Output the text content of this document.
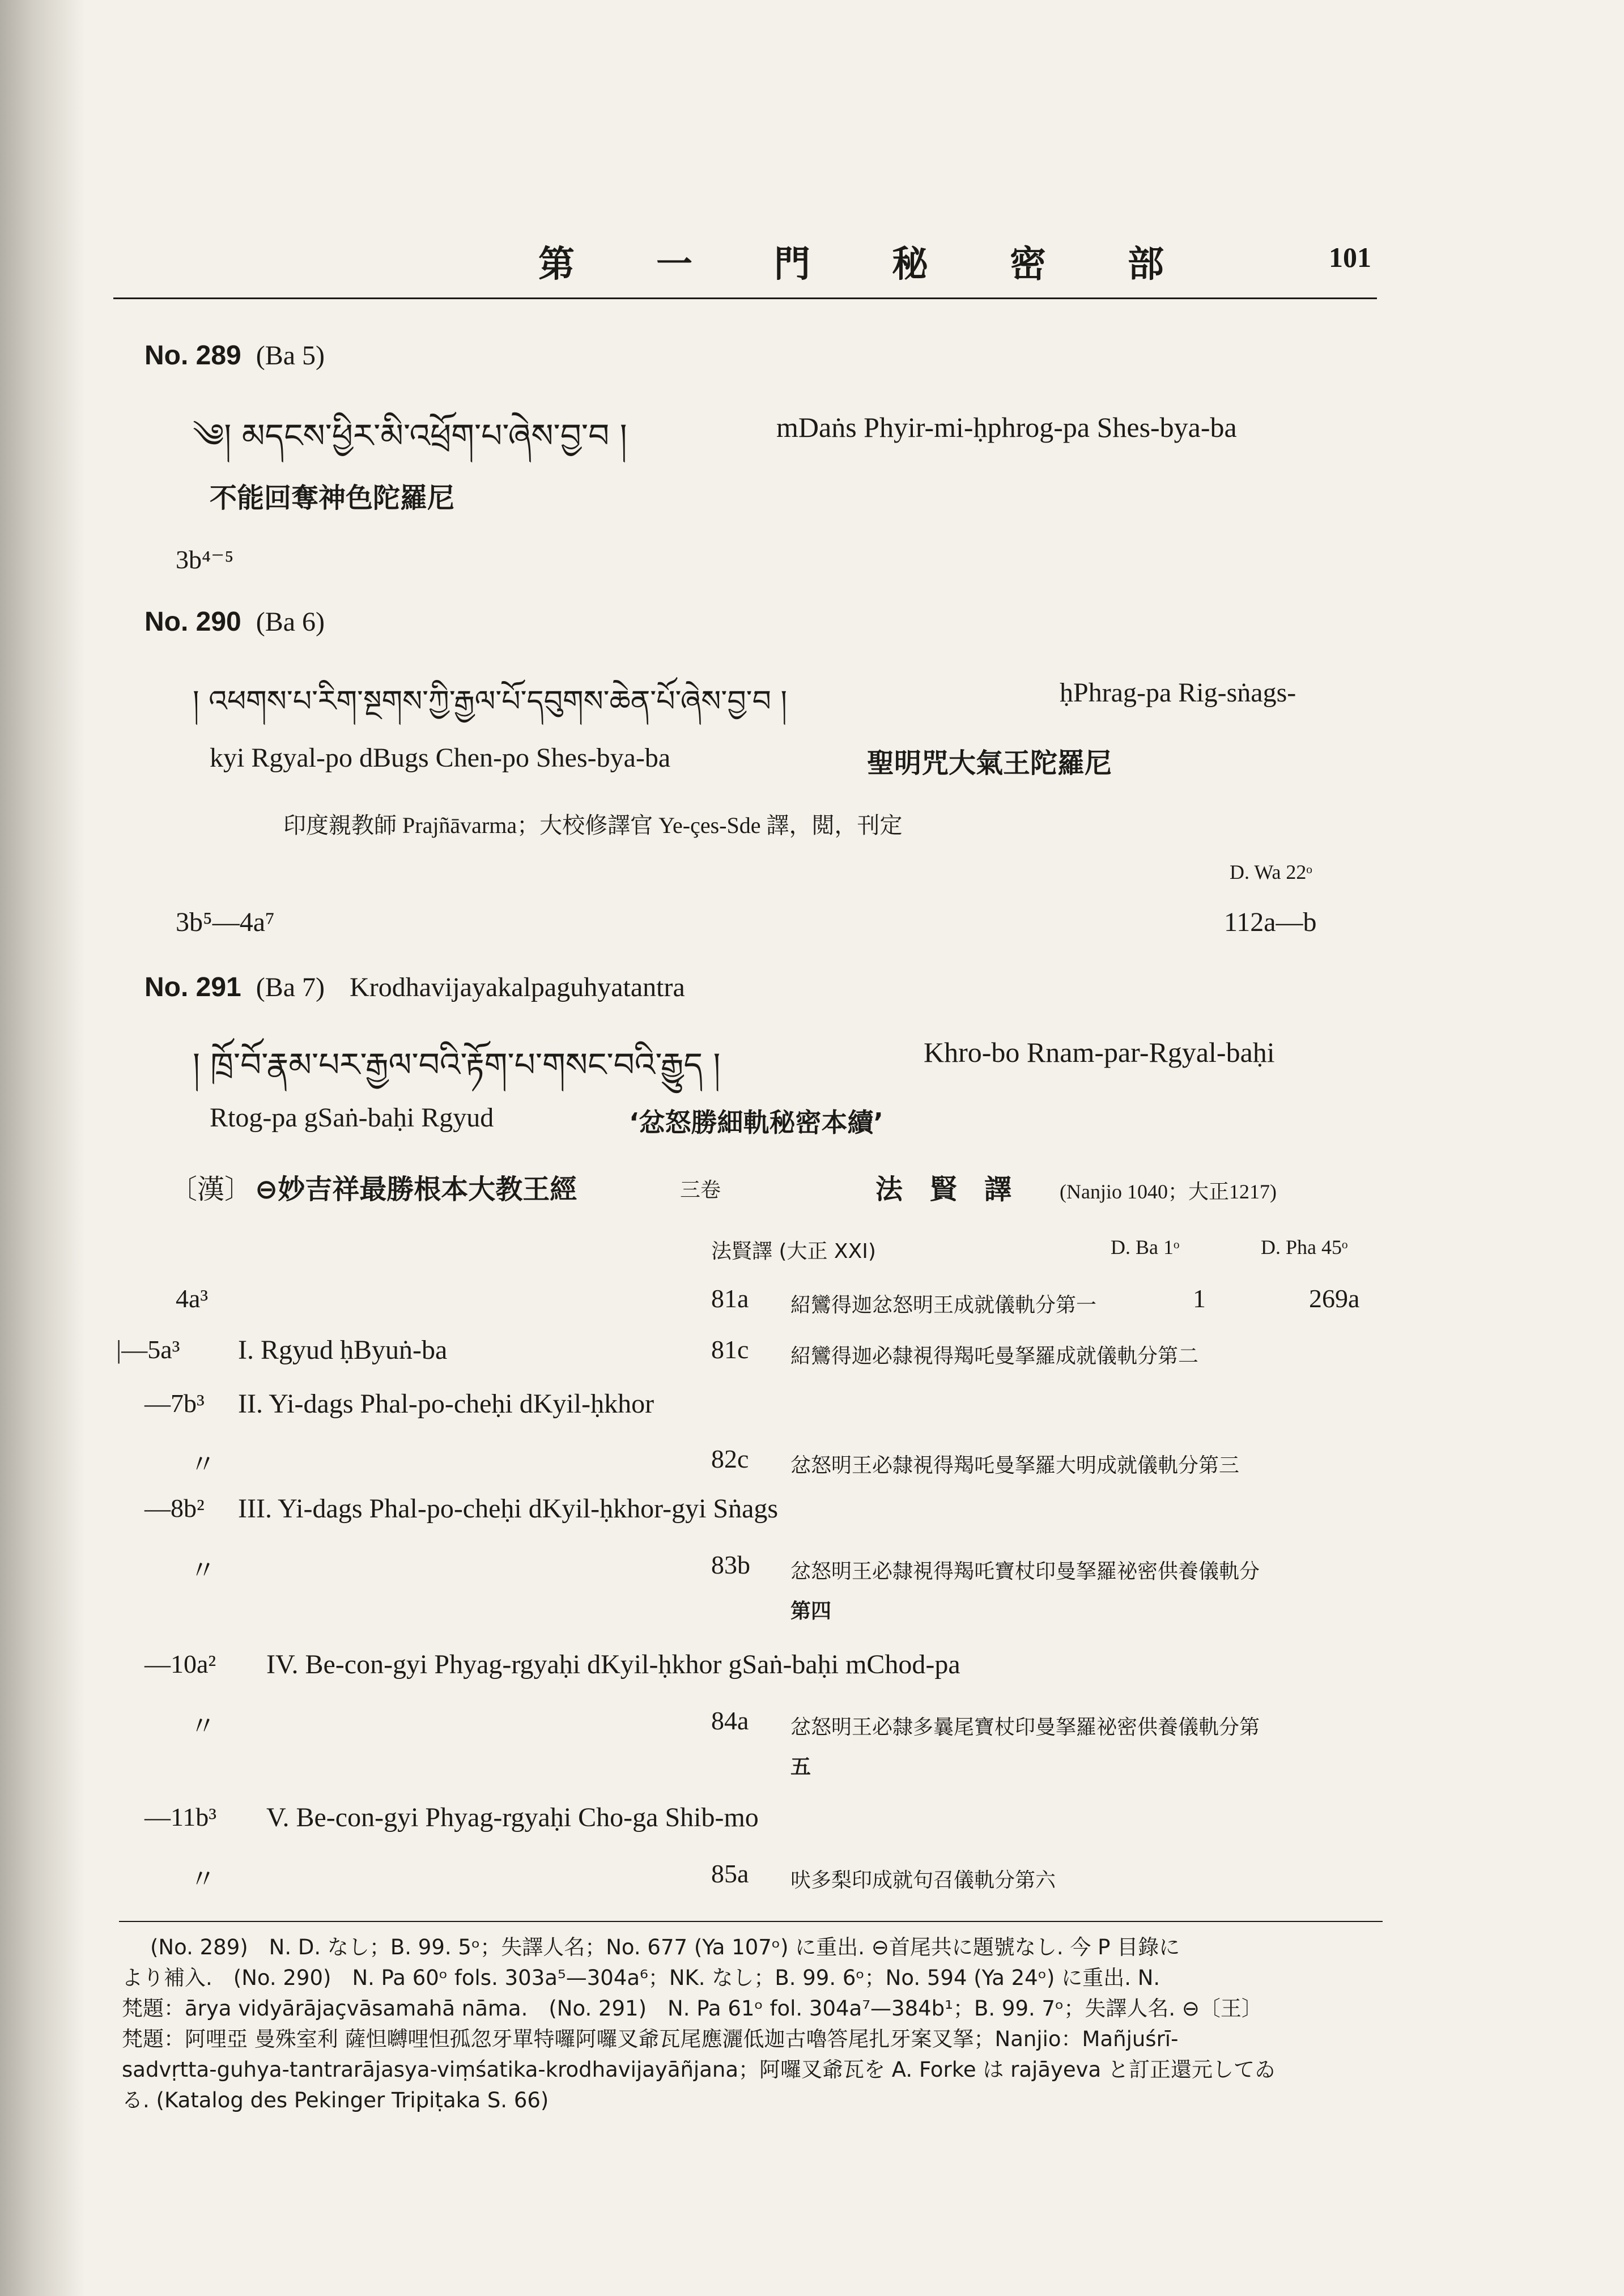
第　一　門　秘　密　部	101
No. 289 (Ba 5)
༄། མདངས་ཕྱིར་མི་འཕྲོག་པ་ཞེས་བྱ་བ །	mDaṅs Phyir-mi-ḥphrog-pa Shes-bya-ba
不能回奪神色陀羅尼
3b⁴⁻⁵
No. 290 (Ba 6)
། འཕགས་པ་རིག་སྔགས་ཀྱི་རྒྱལ་པོ་དབུགས་ཆེན་པོ་ཞེས་བྱ་བ །	ḥPhrag-pa Rig-sṅags-
kyi Rgyal-po dBugs Chen-po Shes-bya-ba	聖明咒大氣王陀羅尼
印度親教師 Prajñāvarma；大校修譯官 Ye-çes-Sde 譯，閲，刊定
D. Wa 22ᵒ
3b⁵—4a⁷	112a—b
No. 291 (Ba 7) Krodhavijayakalpaguhyatantra
། ཁྲོ་བོ་རྣམ་པར་རྒྱལ་བའི་རྟོག་པ་གསང་བའི་རྒྱུད །	Khro-bo Rnam-par-Rgyal-baḥi
Rtog-pa gSaṅ-baḥi Rgyud	‘忿怒勝細軌秘密本續’
〔漢〕 ⊖妙吉祥最勝根本大教王經	三卷	法　賢　譯 (Nanjio 1040；大正1217)
法賢譯 (大正 XXI)	D. Ba 1ᵒ	D. Pha 45ᵒ
4a³	81a 紹鸞得迦忿怒明王成就儀軌分第一	1	269a
|—5a³ I. Rgyud ḥByuṅ-ba	81c 紹鸞得迦必隸視得羯吒曼拏羅成就儀軌分第二
—7b³ II. Yi-dags Phal-po-cheḥi dKyil-ḥkhor
〃	82c 忿怒明王必隸視得羯吒曼拏羅大明成就儀軌分第三
—8b² III. Yi-dags Phal-po-cheḥi dKyil-ḥkhor-gyi Sṅags
〃	83b 忿怒明王必隸視得羯吒寶杖印曼拏羅祕密供養儀軌分
第四
—10a² IV. Be-con-gyi Phyag-rgyaḥi dKyil-ḥkhor gSaṅ-baḥi mChod-pa
〃	84a 忿怒明王必隸多曩尾寶杖印曼拏羅祕密供養儀軌分第
五
—11b³ V. Be-con-gyi Phyag-rgyaḥi Cho-ga Shib-mo
〃	85a 吠多梨印成就句召儀軌分第六
(No. 289)　N. D. なし；B. 99. 5ᵒ；失譯人名；No. 677 (Ya 107ᵒ) に重出. ⊖首尾共に題號なし. 今 P 目錄に
より補入.　(No. 290)　N. Pa 60ᵒ fols. 303a⁵—304a⁶；NK. なし；B. 99. 6ᵒ；No. 594 (Ya 24ᵒ) に重出. N.
梵題：ārya vidyārājaçvāsamahā nāma.　(No. 291)　N. Pa 61ᵒ fol. 304a⁷—384b¹；B. 99. 7ᵒ；失譯人名. ⊖〔王〕
梵題：阿哩亞 曼殊室利 薩怛嚩哩怛孤忽牙單特囉阿囉叉爺瓦尾應灑低迦古嚕答尾扎牙案叉拏；Nanjio：Mañjuśrī-
sadvṛtta-guhya-tantrarājasya-viṃśatika-krodhavijayāñjana；阿囉叉爺瓦を A. Forke は rajāyeva と訂正還元してゐ
る. (Katalog des Pekinger Tripiṭaka S. 66)
